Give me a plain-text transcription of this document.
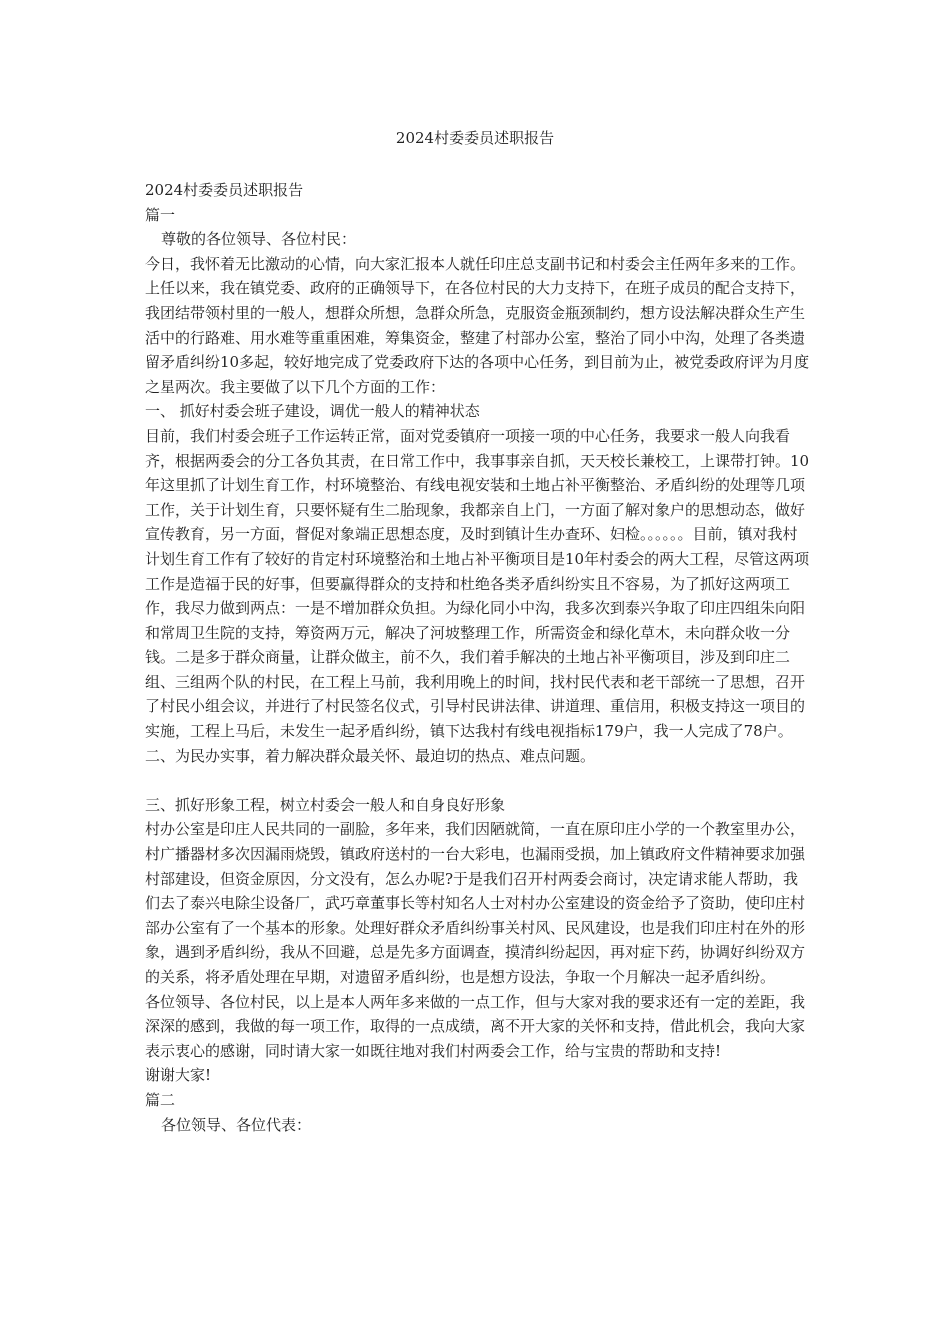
2024村委委员述职报告

2024村委委员述职报告

篇一

尊敬的各位领导、各位村民：

今日，我怀着无比激动的心情，向大家汇报本人就任印庄总支副书记和村委会主任两年多来的工作。上任以来，我在镇党委、政府的正确领导下，在各位村民的大力支持下，在班子成员的配合支持下，我团结带领村里的一般人，想群众所想，急群众所急，克服资金瓶颈制约，想方设法解决群众生产生活中的行路难、用水难等重重困难，筹集资金，整建了村部办公室，整治了同小中沟，处理了各类遗留矛盾纠纷10多起，较好地完成了党委政府下达的各项中心任务，到目前为止，被党委政府评为月度之星两次。我主要做了以下几个方面的工作：

一、 抓好村委会班子建设，调优一般人的精神状态

目前，我们村委会班子工作运转正常，面对党委镇府一项接一项的中心任务，我要求一般人向我看齐，根据两委会的分工各负其责，在日常工作中，我事事亲自抓，天天校长兼校工，上课带打钟。10年这里抓了计划生育工作，村环境整治、有线电视安装和土地占补平衡整治、矛盾纠纷的处理等几项工作，关于计划生育，只要怀疑有生二胎现象，我都亲自上门，一方面了解对象户的思想动态，做好宣传教育，另一方面，督促对象端正思想态度，及时到镇计生办查环、妇检。。。。。。目前，镇对我村计划生育工作有了较好的肯定村环境整治和土地占补平衡项目是10年村委会的两大工程，尽管这两项工作是造福于民的好事，但要赢得群众的支持和杜绝各类矛盾纠纷实且不容易，为了抓好这两项工作，我尽力做到两点：一是不增加群众负担。为绿化同小中沟，我多次到泰兴争取了印庄四组朱向阳和常周卫生院的支持，筹资两万元，解决了河坡整理工作，所需资金和绿化草木，未向群众收一分钱。二是多于群众商量，让群众做主，前不久，我们着手解决的土地占补平衡项目，涉及到印庄二组、三组两个队的村民，在工程上马前，我利用晚上的时间，找村民代表和老干部统一了思想，召开了村民小组会议，并进行了村民签名仪式，引导村民讲法律、讲道理、重信用，积极支持这一项目的实施，工程上马后，未发生一起矛盾纠纷，镇下达我村有线电视指标179户，我一人完成了78户。

二、为民办实事，着力解决群众最关怀、最迫切的热点、难点问题。

三、抓好形象工程，树立村委会一般人和自身良好形象

村办公室是印庄人民共同的一副脸，多年来，我们因陋就简，一直在原印庄小学的一个教室里办公，村广播器材多次因漏雨烧毁，镇政府送村的一台大彩电，也漏雨受损，加上镇政府文件精神要求加强村部建设，但资金原因，分文没有，怎么办呢?于是我们召开村两委会商讨，决定请求能人帮助，我们去了泰兴电除尘设备厂，武巧章董事长等村知名人士对村办公室建设的资金给予了资助，使印庄村部办公室有了一个基本的形象。处理好群众矛盾纠纷事关村风、民风建设，也是我们印庄村在外的形象，遇到矛盾纠纷，我从不回避，总是先多方面调查，摸清纠纷起因，再对症下药，协调好纠纷双方的关系，将矛盾处理在早期，对遗留矛盾纠纷，也是想方设法，争取一个月解决一起矛盾纠纷。

各位领导、各位村民，以上是本人两年多来做的一点工作，但与大家对我的要求还有一定的差距，我深深的感到，我做的每一项工作，取得的一点成绩，离不开大家的关怀和支持，借此机会，我向大家表示衷心的感谢，同时请大家一如既往地对我们村两委会工作，给与宝贵的帮助和支持!

谢谢大家!

篇二

各位领导、各位代表：
